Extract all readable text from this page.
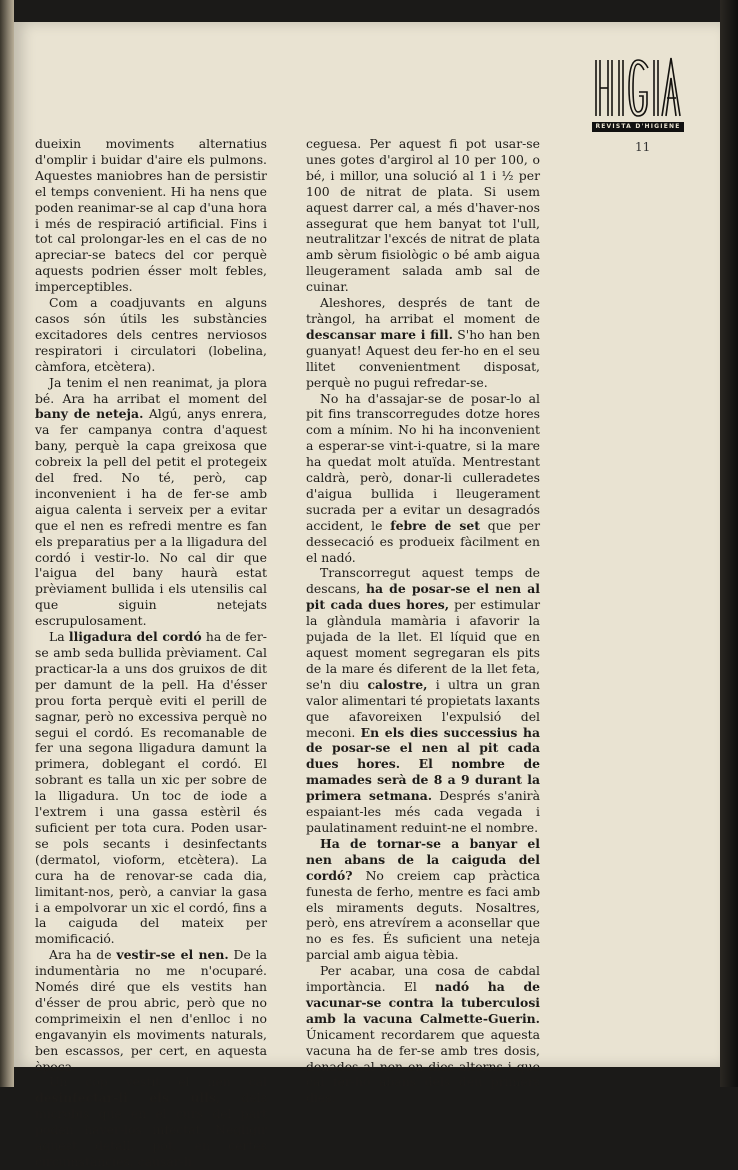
REVISTA D'HIGIENE
11

dueixin moviments alternatius d'omplir i buidar d'aire els pulmons. Aquestes maniobres han de persistir el temps convenient. Hi ha nens que poden reanimar-se al cap d'una hora i més de respiració artificial. Fins i tot cal prolongar-les en el cas de no apreciar-se batecs del cor perquè aquests podrien ésser molt febles, imperceptibles.

Com a coadjuvants en alguns casos són útils les substàncies excitadores dels centres nerviosos respiratori i circulatori (lobelina, càmfora, etcètera).

Ja tenim el nen reanimat, ja plora bé. Ara ha arribat el moment del bany de neteja. Algú, anys enrera, va fer campanya contra d'aquest bany, perquè la capa greixosa que cobreix la pell del petit el protegeix del fred. No té, però, cap inconvenient i ha de fer-se amb aigua calenta i serveix per a evitar que el nen es refredi mentre es fan els preparatius per a la lligadura del cordó i vestir-lo. No cal dir que l'aigua del bany haurà estat prèviament bullida i els utensilis cal que siguin netejats escrupulosament.

La lligadura del cordó ha de fer-se amb seda bullida prèviament. Cal practicar-la a uns dos gruixos de dit per damunt de la pell. Ha d'ésser prou forta perquè eviti el perill de sagnar, però no excessiva perquè no segui el cordó. Es recomanable de fer una segona lligadura damunt la primera, doblegant el cordó. El sobrant es talla un xic per sobre de la lligadura. Un toc de iode a l'extrem i una gassa estèril és suficient per tota cura. Poden usar-se pols secants i desinfectants (dermatol, vioform, etcètera). La cura ha de renovar-se cada dia, limitant-nos, però, a canviar la gasa i a empolvorar un xic el cordó, fins a la caiguda del mateix per momificació.

Ara ha de vestir-se el nen. De la indumentària no me n'ocuparé. Només diré que els vestits han d'ésser de prou abric, però que no comprimeixin el nen d'enlloc i no engavanyin els moviments naturals, ben escassos, per cert, en aquesta època.

Un cop vestit el nen cal desinfectar-li els ulls, dels microbis que en el curs del part poden haver-los infectat. Negligir aquest detall, pot, en certes circumstàncies, causar-li

ceguesa. Per aquest fi pot usar-se unes gotes d'argirol al 10 per 100, o bé, i millor, una solució al 1 i ½ per 100 de nitrat de plata. Si usem aquest darrer cal, a més d'haver-nos assegurat que hem banyat tot l'ull, neutralitzar l'excés de nitrat de plata amb sèrum fisiològic o bé amb aigua lleugerament salada amb sal de cuinar.

Aleshores, després de tant de tràngol, ha arribat el moment de descansar mare i fill. S'ho han ben guanyat! Aquest deu fer-ho en el seu llitet convenientment disposat, perquè no pugui refredar-se.

No ha d'assajar-se de posar-lo al pit fins transcorregudes dotze hores com a mínim. No hi ha inconvenient a esperar-se vint-i-quatre, si la mare ha quedat molt atuïda. Mentrestant caldrà, però, donar-li culleradetes d'aigua bullida i lleugerament sucrada per a evitar un desagradós accident, le febre de set que per dessecació es produeix fàcilment en el nadó.

Transcorregut aquest temps de descans, ha de posar-se el nen al pit cada dues hores, per estimular la glàndula mamària i afavorir la pujada de la llet. El líquid que en aquest moment segregaran els pits de la mare és diferent de la llet feta, se'n diu calostre, i ultra un gran valor alimentari té propietats laxants que afavoreixen l'expulsió del meconi. En els dies successius ha de posar-se el nen al pit cada dues hores. El nombre de mamades serà de 8 a 9 durant la primera setmana. Després s'anirà espaiant-les més cada vegada i paulatinament reduint-ne el nombre.

Ha de tornar-se a banyar el nen abans de la caiguda del cordó? No creiem cap pràctica funesta de ferho, mentre es faci amb els miraments deguts. Nosaltres, però, ens atrevírem a aconsellar que no es fes. És suficient una neteja parcial amb aigua tèbia.

Per acabar, una cosa de cabdal importància. El nadó ha de vacunar-se contra la tuberculosi amb la vacuna Calmette-Guerin. Únicament recordarem que aquesta vacuna ha de fer-se amb tres dosis, donades al nen en dies alterns i que cal fer-ho abans dels deu primers dies.
